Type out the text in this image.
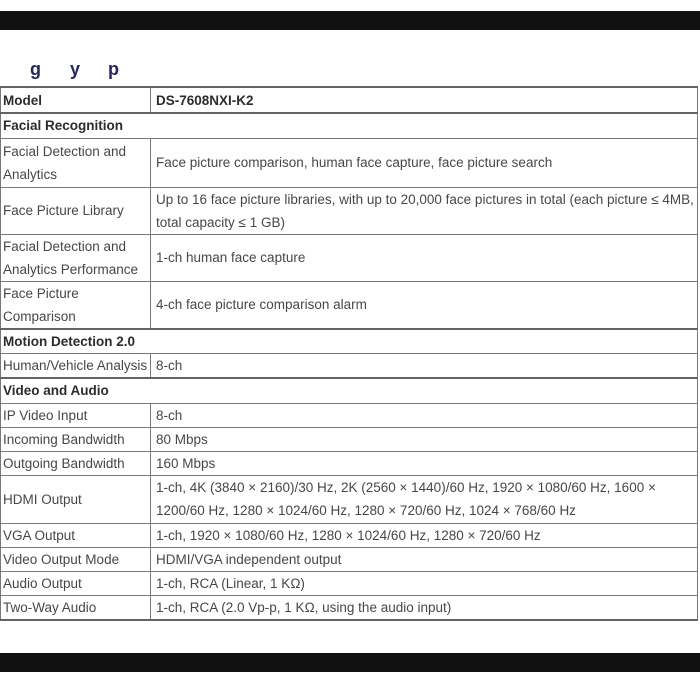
g y	p
Model	DS-7608NXI-K2
Facial Recognition	
Facial Detection and Analytics	Face picture comparison, human face capture, face picture search
Face Picture Library	Up to 16 face picture libraries, with up to 20,000 face pictures in total (each picture ≤ 4MB, total capacity ≤ 1 GB)
Facial Detection and Analytics Performance	1-ch human face capture
Face Picture Comparison	4-ch face picture comparison alarm
Motion Detection 2.0	
Human/Vehicle Analysis	8-ch
Video and Audio	
IP Video Input	8-ch
Incoming Bandwidth	80 Mbps
Outgoing Bandwidth	160 Mbps
HDMI Output	1-ch, 4K (3840 × 2160)/30 Hz, 2K (2560 × 1440)/60 Hz, 1920 × 1080/60 Hz, 1600 × 1200/60 Hz, 1280 × 1024/60 Hz, 1280 × 720/60 Hz, 1024 × 768/60 Hz
VGA Output	1-ch, 1920 × 1080/60 Hz, 1280 × 1024/60 Hz, 1280 × 720/60 Hz
Video Output Mode	HDMI/VGA independent output
Audio Output	1-ch, RCA (Linear, 1 KΩ)
Two-Way Audio	1-ch, RCA (2.0 Vp-p, 1 KΩ, using the audio input)
